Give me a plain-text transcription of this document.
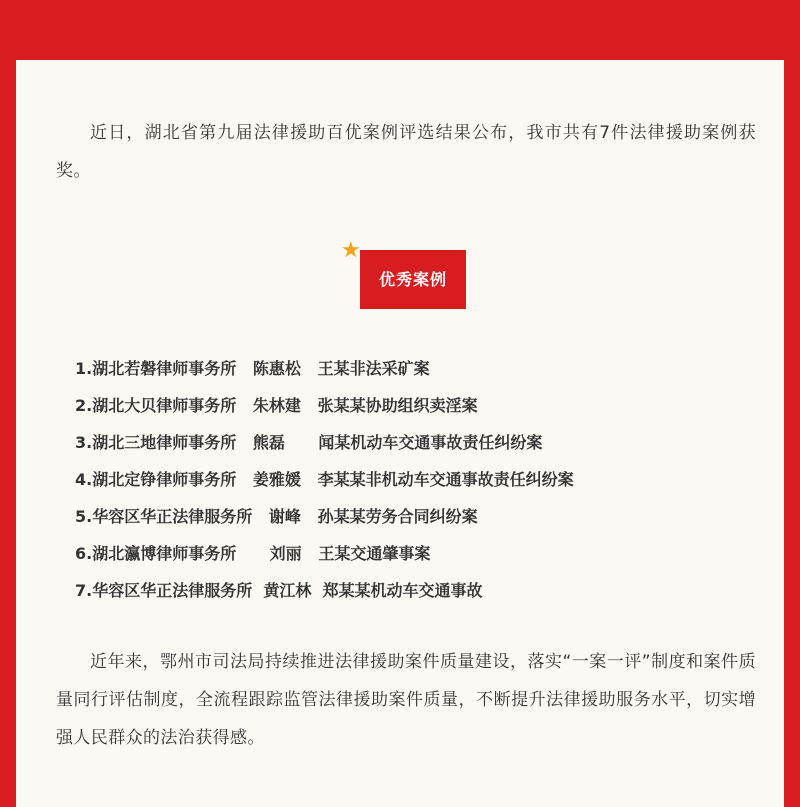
近日，湖北省第九届法律援助百优案例评选结果公布，我市共有7件法律援助案例获奖。

优秀案例
★
1.湖北若磐律师事务所   陈惠松   王某非法采矿案
2.湖北大贝律师事务所   朱林建   张某某协助组织卖淫案
3.湖北三地律师事务所   熊磊      闻某机动车交通事故责任纠纷案
4.湖北定铮律师事务所   姜雅媛   李某某非机动车交通事故责任纠纷案
5.华容区华正法律服务所   谢峰   孙某某劳务合同纠纷案
6.湖北瀛博律师事务所      刘丽   王某交通肇事案
7.华容区华正法律服务所  黄江林  郑某某机动车交通事故

近年来，鄂州市司法局持续推进法律援助案件质量建设，落实“一案一评”制度和案件质量同行评估制度，全流程跟踪监管法律援助案件质量，不断提升法律援助服务水平，切实增强人民群众的法治获得感。
